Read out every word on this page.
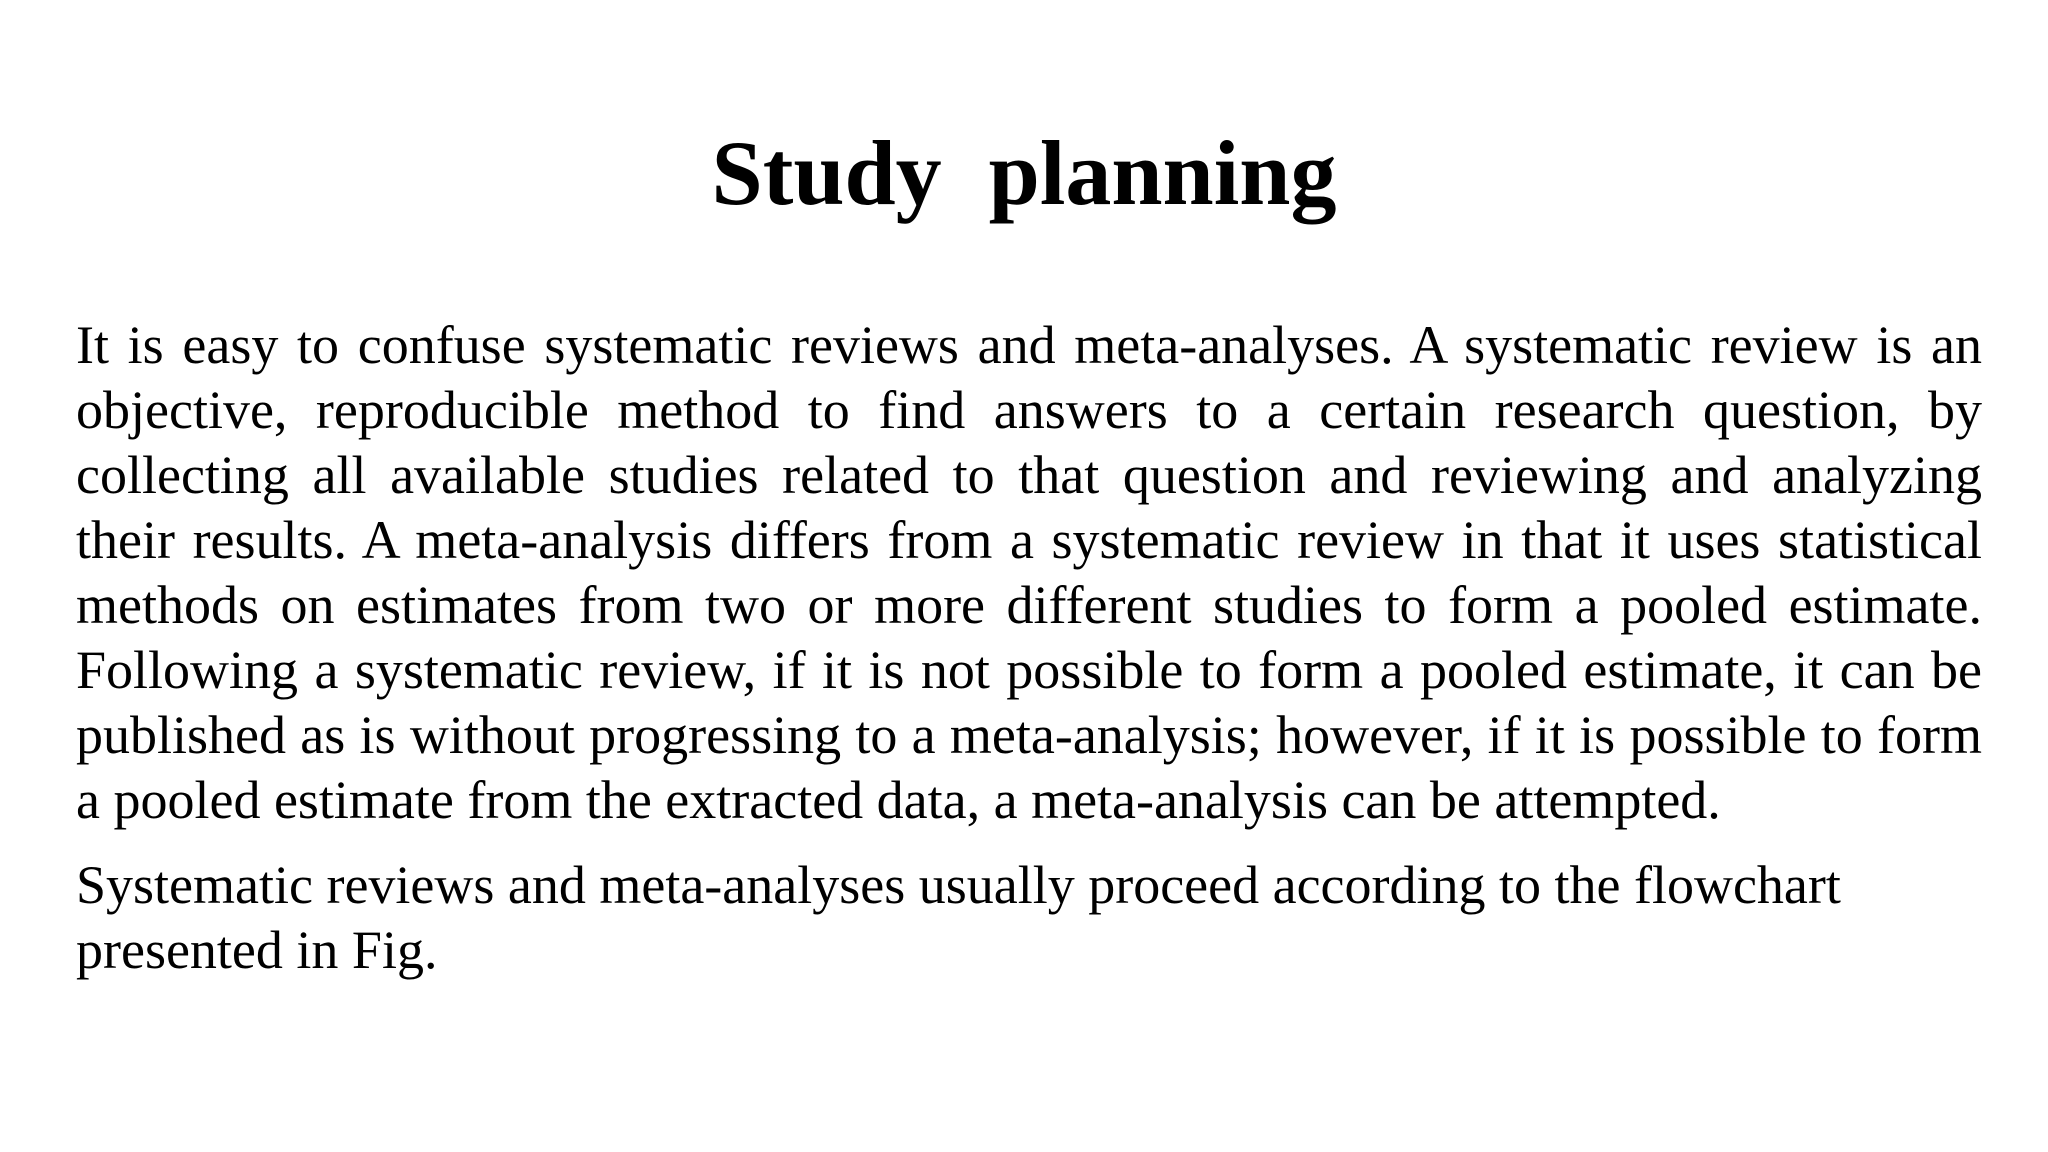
Study planning

It is easy to confuse systematic reviews and meta-analyses. A systematic review is an objective, reproducible method to find answers to a certain research question, by collecting all available studies related to that question and reviewing and analyzing their results. A meta-analysis differs from a systematic review in that it uses statistical methods on estimates from two or more different studies to form a pooled estimate. Following a systematic review, if it is not possible to form a pooled estimate, it can be published as is without progressing to a meta-analysis; however, if it is possible to form a pooled estimate from the extracted data, a meta-analysis can be attempted.

Systematic reviews and meta-analyses usually proceed according to the flowchart presented in Fig.
